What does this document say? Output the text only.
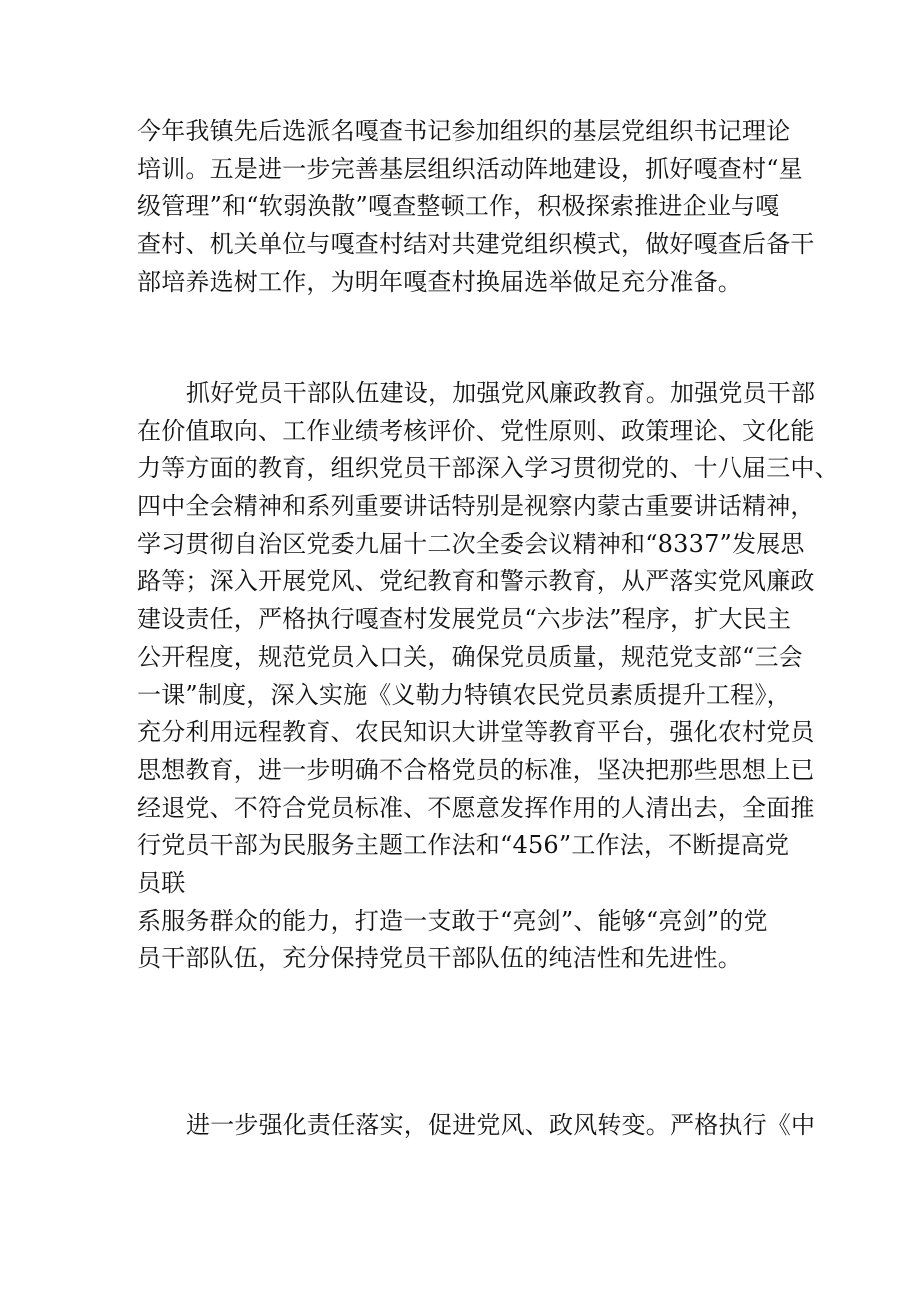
今年我镇先后选派名嘎查书记参加组织的基层党组织书记理论
培训。五是进一步完善基层组织活动阵地建设，抓好嘎查村“星
级管理”和“软弱涣散”嘎查整顿工作，积极探索推进企业与嘎
查村、机关单位与嘎查村结对共建党组织模式，做好嘎查后备干
部培养选树工作，为明年嘎查村换届选举做足充分准备。
抓好党员干部队伍建设，加强党风廉政教育。加强党员干部
在价值取向、工作业绩考核评价、党性原则、政策理论、文化能
力等方面的教育，组织党员干部深入学习贯彻党的、十八届三中、
四中全会精神和系列重要讲话特别是视察内蒙古重要讲话精神，
学习贯彻自治区党委九届十二次全委会议精神和“8337”发展思
路等；深入开展党风、党纪教育和警示教育，从严落实党风廉政
建设责任，严格执行嘎查村发展党员“六步法”程序，扩大民主
公开程度，规范党员入口关，确保党员质量，规范党支部“三会
一课”制度，深入实施《义勒力特镇农民党员素质提升工程》，
充分利用远程教育、农民知识大讲堂等教育平台，强化农村党员
思想教育，进一步明确不合格党员的标准，坚决把那些思想上已
经退党、不符合党员标准、不愿意发挥作用的人清出去，全面推
行党员干部为民服务主题工作法和“456”工作法，不断提高党
员联
系服务群众的能力，打造一支敢于“亮剑”、能够“亮剑”的党
员干部队伍，充分保持党员干部队伍的纯洁性和先进性。
进一步强化责任落实，促进党风、政风转变。严格执行《中
